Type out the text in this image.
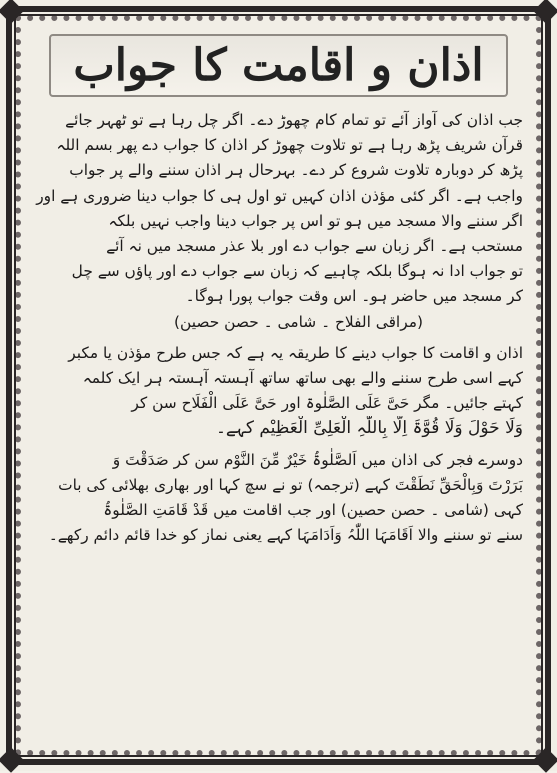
اذان و اقامت کا جواب

جب اذان کی آواز آئے تو تمام کام چھوڑ دے۔ اگر چل رہا ہے تو ٹھہر جائے

قرآن شریف پڑھ رہا ہے تو تلاوت چھوڑ کر اذان کا جواب دے پھر بسم اللہ

پڑھ کر دوبارہ تلاوت شروع کر دے۔ بہرحال ہر اذان سننے والے پر جواب

واجب ہے۔ اگر کئی مؤذن اذان کہیں تو اول ہی کا جواب دینا ضروری ہے اور

اگر سننے والا مسجد میں ہو تو اس پر جواب دینا واجب نہیں بلکہ

مستحب ہے۔ اگر زبان سے جواب دے اور بلا عذر مسجد میں نہ آئے

تو جواب ادا نہ ہوگا بلکہ چاہیے کہ زبان سے جواب دے اور پاؤں سے چل

کر مسجد میں حاضر ہو۔ اس وقت جواب پورا ہوگا۔

(مراقی الفلاح ۔ شامی ۔ حصن حصین)

اذان و اقامت کا جواب دینے کا طریقہ یہ ہے کہ جس طرح مؤذن یا مکبر

کہے اسی طرح سننے والے بھی ساتھ ساتھ آہستہ آہستہ ہر ایک کلمہ

کہتے جائیں۔ مگر حَیَّ عَلَی الصَّلٰوۃ اور حَیَّ عَلَی الْفَلَاح سن کر

وَلَا حَوْلَ وَلَا قُوَّۃَ اِلَّا بِاللّٰہِ الْعَلِیِّ الْعَظِیْم کہے۔

دوسرے فجر کی اذان میں اَلصَّلٰوۃُ خَیْرٌ مِّنَ النَّوْم سن کر صَدَقْتَ وَ

بَرَرْتَ وَبِالْحَقِّ نَطَقْتَ کہے (ترجمہ) تو نے سچ کہا اور بھاری بھلائی کی بات

کہی (شامی ۔ حصن حصین) اور جب اقامت میں قَدْ قَامَتِ الصَّلٰوۃُ

سنے تو سننے والا اَقَامَہَا اللّٰہُ وَاَدَامَہَا کہے یعنی نماز کو خدا قائم دائم رکھے۔
